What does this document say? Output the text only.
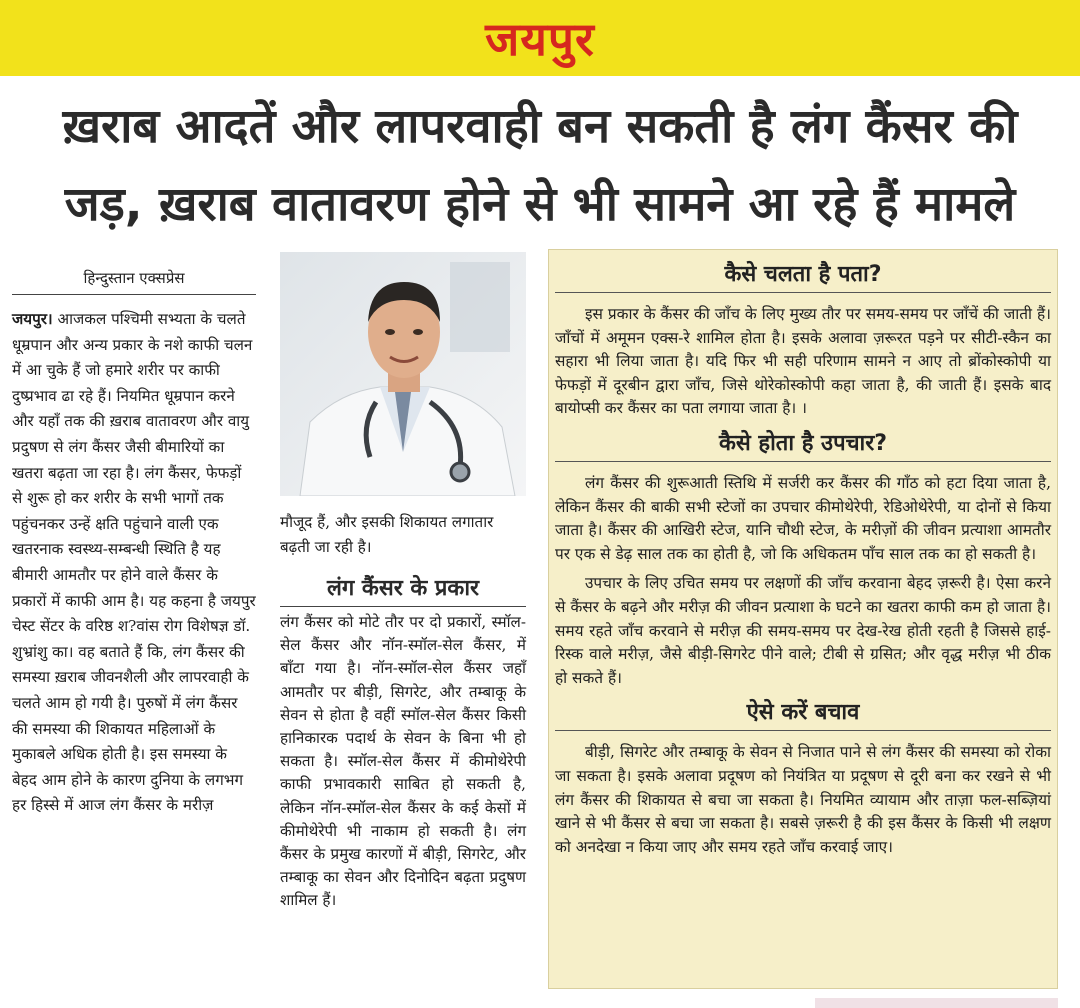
जयपुर
ख़राब आदतें और लापरवाही बन सकती है लंग कैंसर की
जड़, ख़राब वातावरण होने से भी सामने आ रहे हैं मामले
हिन्दुस्तान एक्सप्रेस

जयपुर। आजकल पश्चिमी सभ्यता के चलते धूम्रपान और अन्य प्रकार के नशे काफी चलन में आ चुके हैं जो हमारे शरीर पर काफी दुष्प्रभाव ढा रहे हैं। नियमित धूम्रपान करने और यहाँ तक की ख़राब वातावरण और वायु प्रदुषण से लंग कैंसर जैसी बीमारियों का खतरा बढ़ता जा रहा है। लंग कैंसर, फेफड़ों से शुरू हो कर शरीर के सभी भागों तक पहुंचनकर उन्हें क्षति पहुंचाने वाली एक खतरनाक स्वस्थ्य-सम्बन्धी स्थिति है यह बीमारी आमतौर पर होने वाले कैंसर के प्रकारों में काफी आम है। यह कहना है जयपुर चेस्ट सेंटर के वरिष्ठ श?वांस रोग विशेषज्ञ डॉ. शुभ्रांशु का। वह बताते हैं कि, लंग कैंसर की समस्या ख़राब जीवनशैली और लापरवाही के चलते आम हो गयी है। पुरुषों में लंग कैंसर की समस्या की शिकायत महिलाओं के मुकाबले अधिक होती है। इस समस्या के बेहद आम होने के कारण दुनिया के लगभग हर हिस्से में आज लंग कैंसर के मरीज़

मौजूद हैं, और इसकी शिकायत लगातार बढ़ती जा रही है।

लंग कैंसर के प्रकार

लंग कैंसर को मोटे तौर पर दो प्रकारों, स्मॉल-सेल कैंसर और नॉन-स्मॉल-सेल कैंसर, में बाँटा गया है। नॉन-स्मॉल-सेल कैंसर जहाँ आमतौर पर बीड़ी, सिगरेट, और तम्बाकू के सेवन से होता है वहीं स्मॉल-सेल कैंसर किसी हानिकारक पदार्थ के सेवन के बिना भी हो सकता है। स्मॉल-सेल कैंसर में कीमोथेरेपी काफी प्रभावकारी साबित हो सकती है, लेकिन नॉन-स्मॉल-सेल कैंसर के कई केसों में कीमोथेरेपी भी नाकाम हो सकती है। लंग कैंसर के प्रमुख कारणों में बीड़ी, सिगरेट, और तम्बाकू का सेवन और दिनोदिन बढ़ता प्रदुषण शामिल हैं।

कैसे चलता है पता?

इस प्रकार के कैंसर की जाँच के लिए मुख्य तौर पर समय-समय पर जाँचें की जाती हैं। जाँचों में अमूमन एक्स-रे शामिल होता है। इसके अलावा ज़रूरत पड़ने पर सीटी-स्कैन का सहारा भी लिया जाता है। यदि फिर भी सही परिणाम सामने न आए तो ब्रोंकोस्कोपी या फेफड़ों में दूरबीन द्वारा जाँच, जिसे थोरेकोस्कोपी कहा जाता है, की जाती हैं। इसके बाद बायोप्सी कर कैंसर का पता लगाया जाता है। ।

कैसे होता है उपचार?

लंग कैंसर की शुरूआती स्तिथि में सर्जरी कर कैंसर की गाँठ को हटा दिया जाता है, लेकिन कैंसर की बाकी सभी स्टेजों का उपचार कीमोथेरेपी, रेडिओथेरेपी, या दोनों से किया जाता है। कैंसर की आखिरी स्टेज, यानि चौथी स्टेज, के मरीज़ों की जीवन प्रत्याशा आमतौर पर एक से डेढ़ साल तक का होती है, जो कि अधिकतम पाँच साल तक का हो सकती है।

उपचार के लिए उचित समय पर लक्षणों की जाँच करवाना बेहद ज़रूरी है। ऐसा करने से कैंसर के बढ़ने और मरीज़ की जीवन प्रत्याशा के घटने का खतरा काफी कम हो जाता है। समय रहते जाँच करवाने से मरीज़ की समय-समय पर देख-रेख होती रहती है जिससे हाई-रिस्क वाले मरीज़, जैसे बीड़ी-सिगरेट पीने वाले; टीबी से ग्रसित; और वृद्ध मरीज़ भी ठीक हो सकते हैं।

ऐसे करें बचाव

बीड़ी, सिगरेट और तम्बाकू के सेवन से निजात पाने से लंग कैंसर की समस्या को रोका जा सकता है। इसके अलावा प्रदूषण को नियंत्रित या प्रदूषण से दूरी बना कर रखने से भी लंग कैंसर की शिकायत से बचा जा सकता है। नियमित व्यायाम और ताज़ा फल-सब्ज़ियां खाने से भी कैंसर से बचा जा सकता है। सबसे ज़रूरी है की इस कैंसर के किसी भी लक्षण को अनदेखा न किया जाए और समय रहते जाँच करवाई जाए।
